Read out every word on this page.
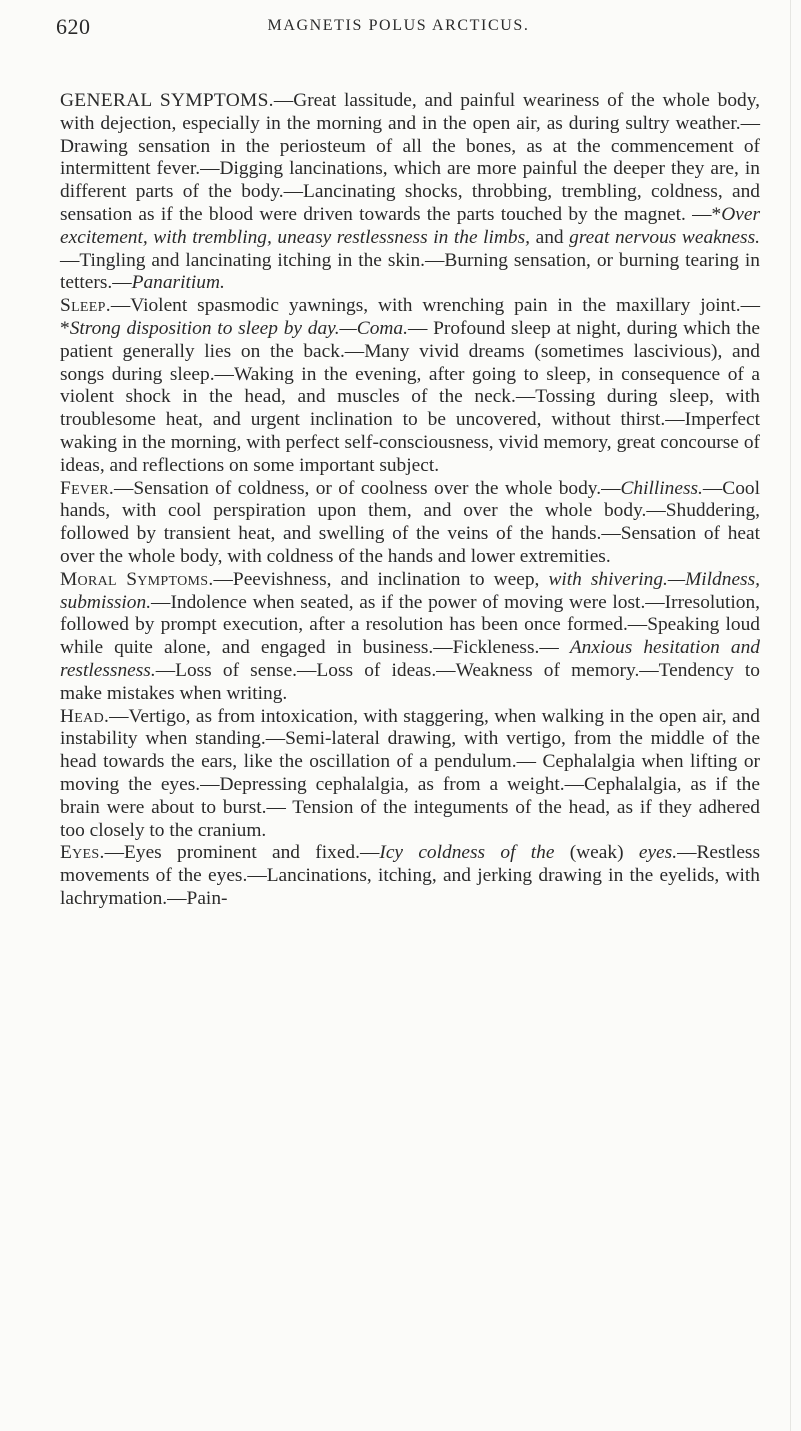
620	MAGNETIS POLUS ARCTICUS.

GENERAL SYMPTOMS.—Great lassitude, and painful weariness of the whole body, with dejection, especially in the morning and in the open air, as during sultry weather.—Drawing sensation in the periosteum of all the bones, as at the commencement of intermittent fever.—Digging lancinations, which are more painful the deeper they are, in different parts of the body.—Lancinating shocks, throbbing, trembling, coldness, and sensation as if the blood were driven towards the parts touched by the magnet. —*Over excitement, with trembling, uneasy restlessness in the limbs, and great nervous weakness.—Tingling and lancinating itching in the skin.—Burning sensation, or burning tearing in tetters.—Panaritium.

Sleep.—Violent spasmodic yawnings, with wrenching pain in the maxillary joint.—*Strong disposition to sleep by day.—Coma.— Profound sleep at night, during which the patient generally lies on the back.—Many vivid dreams (sometimes lascivious), and songs during sleep.—Waking in the evening, after going to sleep, in consequence of a violent shock in the head, and muscles of the neck.—Tossing during sleep, with troublesome heat, and urgent inclination to be uncovered, without thirst.—Imperfect waking in the morning, with perfect self-consciousness, vivid memory, great concourse of ideas, and reflections on some important subject.

Fever.—Sensation of coldness, or of coolness over the whole body.—Chilliness.—Cool hands, with cool perspiration upon them, and over the whole body.—Shuddering, followed by transient heat, and swelling of the veins of the hands.—Sensation of heat over the whole body, with coldness of the hands and lower extremities.

Moral Symptoms.—Peevishness, and inclination to weep, with shivering.—Mildness, submission.—Indolence when seated, as if the power of moving were lost.—Irresolution, followed by prompt execution, after a resolution has been once formed.—Speaking loud while quite alone, and engaged in business.—Fickleness.— Anxious hesitation and restlessness.—Loss of sense.—Loss of ideas.—Weakness of memory.—Tendency to make mistakes when writing.

Head.—Vertigo, as from intoxication, with staggering, when walking in the open air, and instability when standing.—Semi-lateral drawing, with vertigo, from the middle of the head towards the ears, like the oscillation of a pendulum.— Cephalalgia when lifting or moving the eyes.—Depressing cephalalgia, as from a weight.—Cephalalgia, as if the brain were about to burst.— Tension of the integuments of the head, as if they adhered too closely to the cranium.

Eyes.—Eyes prominent and fixed.—Icy coldness of the (weak) eyes.—Restless movements of the eyes.—Lancinations, itching, and jerking drawing in the eyelids, with lachrymation.—Pain-
